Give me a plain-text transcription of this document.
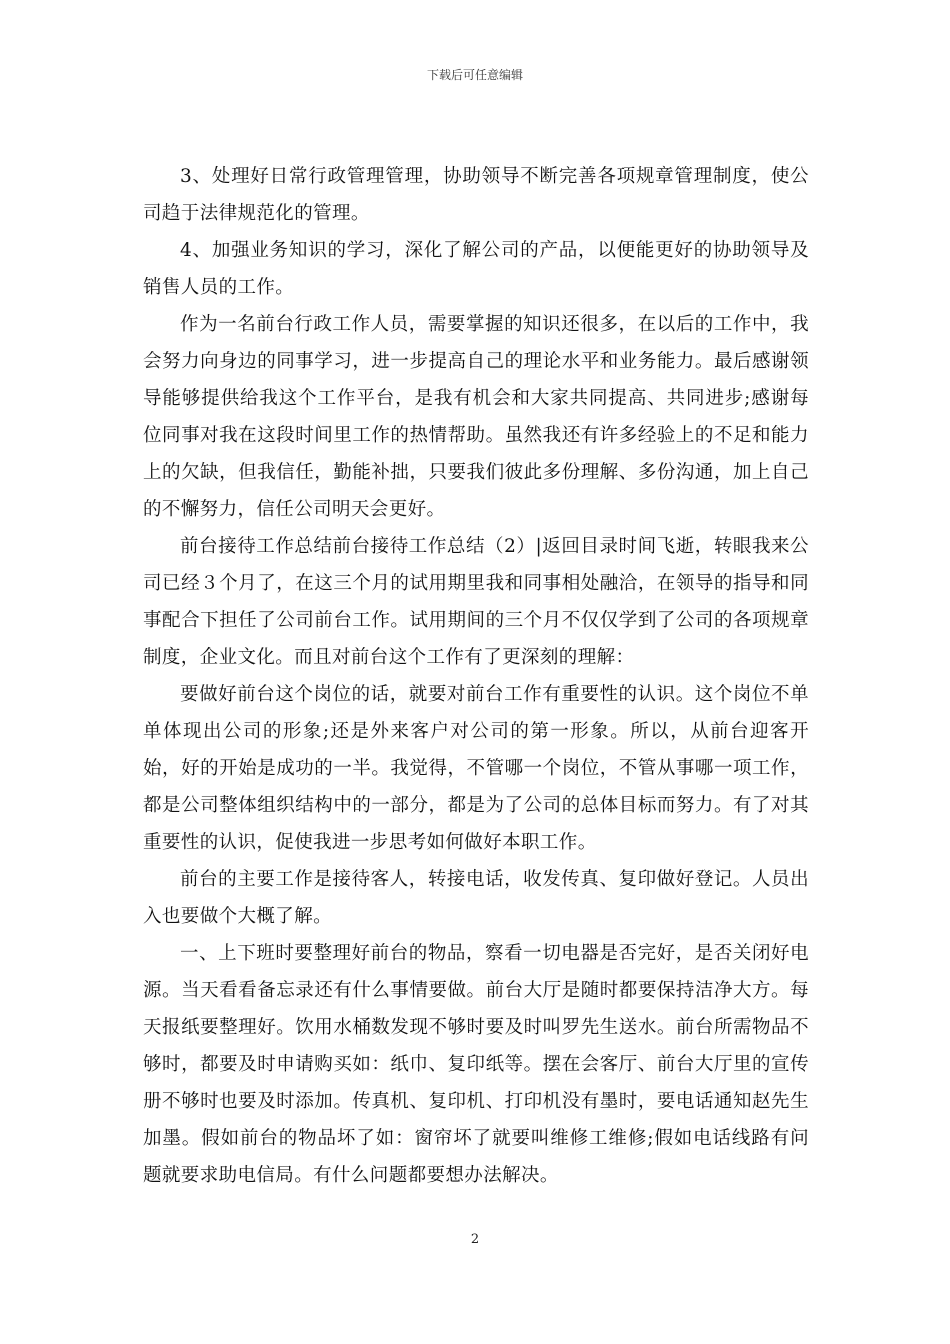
下载后可任意编辑

3、处理好日常行政管理管理，协助领导不断完善各项规章管理制度，使公司趋于法律规范化的管理。

4、加强业务知识的学习，深化了解公司的产品，以便能更好的协助领导及销售人员的工作。

作为一名前台行政工作人员，需要掌握的知识还很多，在以后的工作中，我会努力向身边的同事学习，进一步提高自己的理论水平和业务能力。最后感谢领导能够提供给我这个工作平台，是我有机会和大家共同提高、共同进步;感谢每位同事对我在这段时间里工作的热情帮助。虽然我还有许多经验上的不足和能力上的欠缺，但我信任，勤能补拙，只要我们彼此多份理解、多份沟通，加上自己的不懈努力，信任公司明天会更好。

前台接待工作总结前台接待工作总结（2）|返回目录时间飞逝，转眼我来公司已经３个月了，在这三个月的试用期里我和同事相处融洽，在领导的指导和同事配合下担任了公司前台工作。试用期间的三个月不仅仅学到了公司的各项规章制度，企业文化。而且对前台这个工作有了更深刻的理解：

要做好前台这个岗位的话，就要对前台工作有重要性的认识。这个岗位不单单体现出公司的形象;还是外来客户对公司的第一形象。所以，从前台迎客开始，好的开始是成功的一半。我觉得，不管哪一个岗位，不管从事哪一项工作，都是公司整体组织结构中的一部分，都是为了公司的总体目标而努力。有了对其重要性的认识，促使我进一步思考如何做好本职工作。

前台的主要工作是接待客人，转接电话，收发传真、复印做好登记。人员出入也要做个大概了解。

一、上下班时要整理好前台的物品，察看一切电器是否完好，是否关闭好电源。当天看看备忘录还有什么事情要做。前台大厅是随时都要保持洁净大方。每天报纸要整理好。饮用水桶数发现不够时要及时叫罗先生送水。前台所需物品不够时，都要及时申请购买如：纸巾、复印纸等。摆在会客厅、前台大厅里的宣传册不够时也要及时添加。传真机、复印机、打印机没有墨时，要电话通知赵先生加墨。假如前台的物品坏了如：窗帘坏了就要叫维修工维修;假如电话线路有问题就要求助电信局。有什么问题都要想办法解决。

2
